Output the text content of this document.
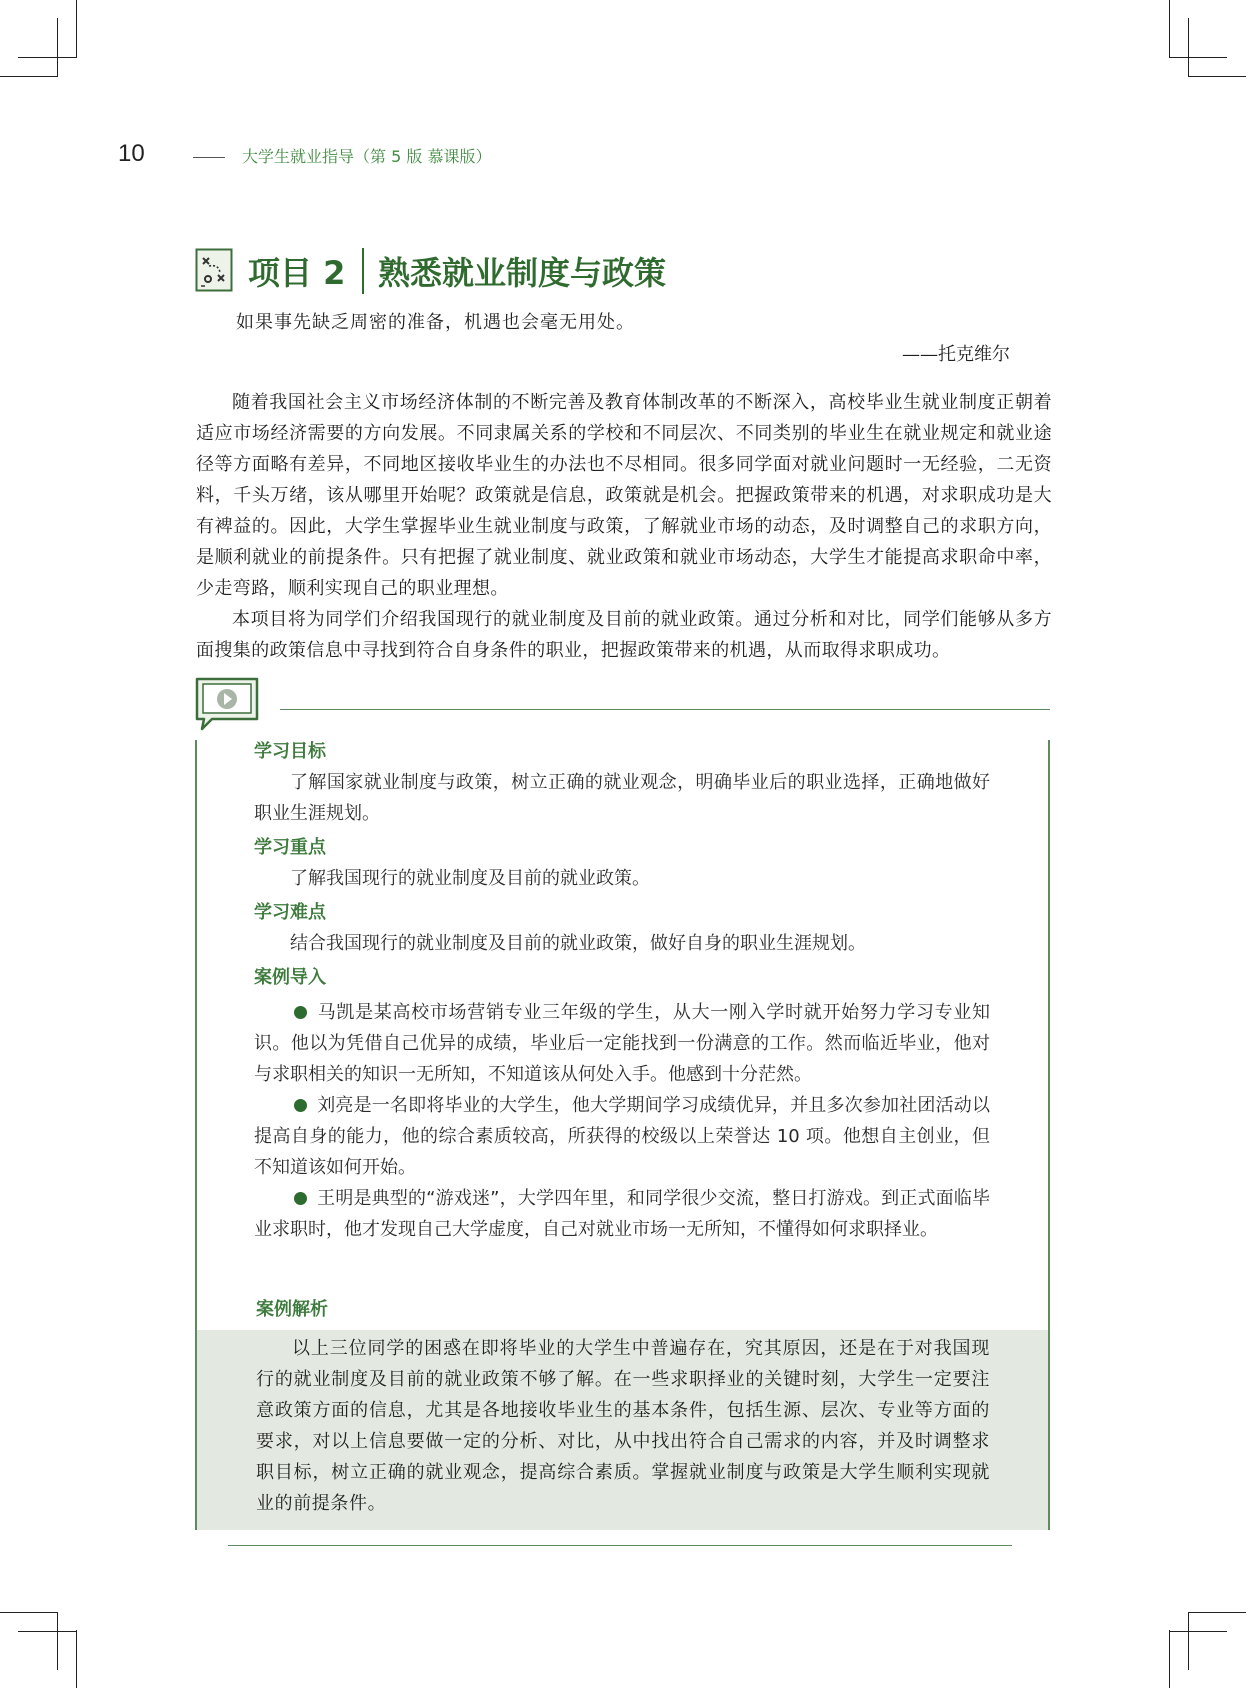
10	大学生就业指导（第 5 版 慕课版）
项目 2 熟悉就业制度与政策
如果事先缺乏周密的准备，机遇也会毫无用处。
——托克维尔

随着我国社会主义市场经济体制的不断完善及教育体制改革的不断深入，高校毕业生就业制度正朝着适应市场经济需要的方向发展。不同隶属关系的学校和不同层次、不同类别的毕业生在就业规定和就业途径等方面略有差异，不同地区接收毕业生的办法也不尽相同。很多同学面对就业问题时一无经验，二无资料，千头万绪，该从哪里开始呢？政策就是信息，政策就是机会。把握政策带来的机遇，对求职成功是大有裨益的。因此，大学生掌握毕业生就业制度与政策，了解就业市场的动态，及时调整自己的求职方向，是顺利就业的前提条件。只有把握了就业制度、就业政策和就业市场动态，大学生才能提高求职命中率，少走弯路，顺利实现自己的职业理想。

本项目将为同学们介绍我国现行的就业制度及目前的就业政策。通过分析和对比，同学们能够从多方面搜集的政策信息中寻找到符合自身条件的职业，把握政策带来的机遇，从而取得求职成功。

学习目标

了解国家就业制度与政策，树立正确的就业观念，明确毕业后的职业选择，正确地做好职业生涯规划。

学习重点

了解我国现行的就业制度及目前的就业政策。

学习难点

结合我国现行的就业制度及目前的就业政策，做好自身的职业生涯规划。

案例导入

马凯是某高校市场营销专业三年级的学生，从大一刚入学时就开始努力学习专业知识。他以为凭借自己优异的成绩，毕业后一定能找到一份满意的工作。然而临近毕业，他对与求职相关的知识一无所知，不知道该从何处入手。他感到十分茫然。

刘亮是一名即将毕业的大学生，他大学期间学习成绩优异，并且多次参加社团活动以提高自身的能力，他的综合素质较高，所获得的校级以上荣誉达 10 项。他想自主创业，但不知道该如何开始。

王明是典型的“游戏迷”，大学四年里，和同学很少交流，整日打游戏。到正式面临毕业求职时，他才发现自己大学虚度，自己对就业市场一无所知，不懂得如何求职择业。

案例解析
以上三位同学的困惑在即将毕业的大学生中普遍存在，究其原因，还是在于对我国现行的就业制度及目前的就业政策不够了解。在一些求职择业的关键时刻，大学生一定要注意政策方面的信息，尤其是各地接收毕业生的基本条件，包括生源、层次、专业等方面的要求，对以上信息要做一定的分析、对比，从中找出符合自己需求的内容，并及时调整求职目标，树立正确的就业观念，提高综合素质。掌握就业制度与政策是大学生顺利实现就业的前提条件。
